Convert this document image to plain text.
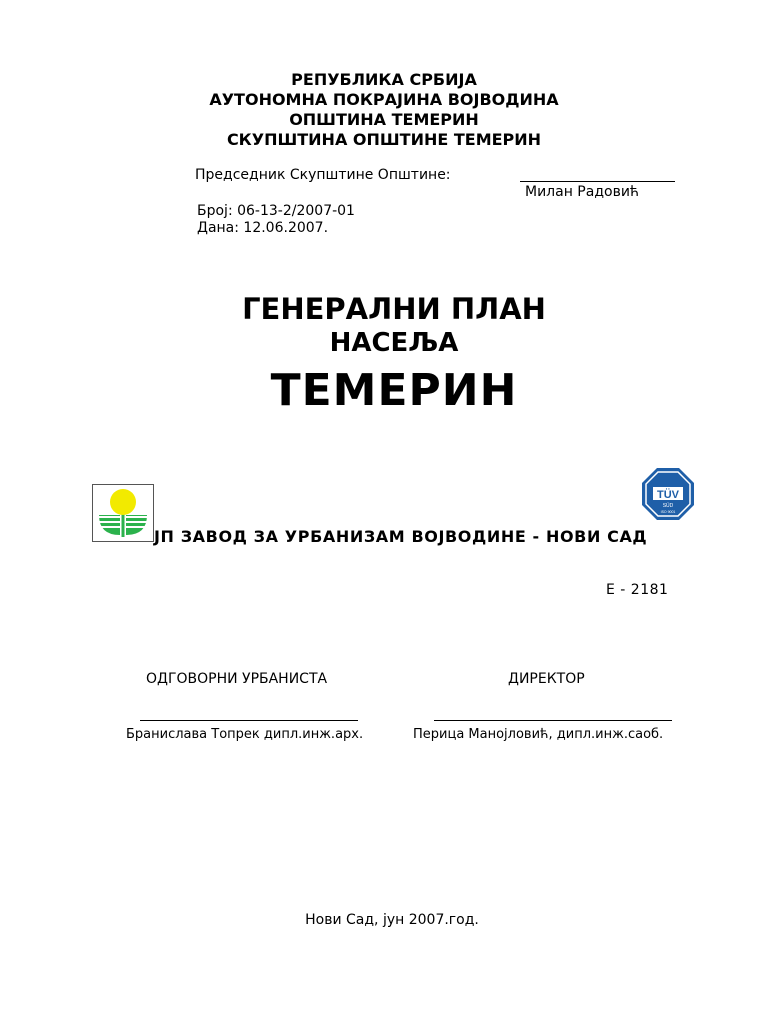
РЕПУБЛИКА СРБИЈА
АУТОНОМНА ПОКРАЈИНА ВОЈВОДИНА
ОПШТИНА ТЕМЕРИН
СКУПШТИНА ОПШТИНЕ ТЕМЕРИН
Председник Скупштине Општине:
Милан Радовић
Број: 06-13-2/2007-01
Дана: 12.06.2007.
ГЕНЕРАЛНИ ПЛАН
НАСЕЉА
ТЕМЕРИН
TÜV
SÜD
ISO 9001
ЈП ЗАВОД ЗА УРБАНИЗАМ ВОЈВОДИНЕ - НОВИ САД
Е - 2181
ОДГОВОРНИ УРБАНИСТА	ДИРЕКТОР
Бранислава Топрек дипл.инж.арх.	Перица Манојловић, дипл.инж.саоб.
Нови Сад, јун 2007.год.
